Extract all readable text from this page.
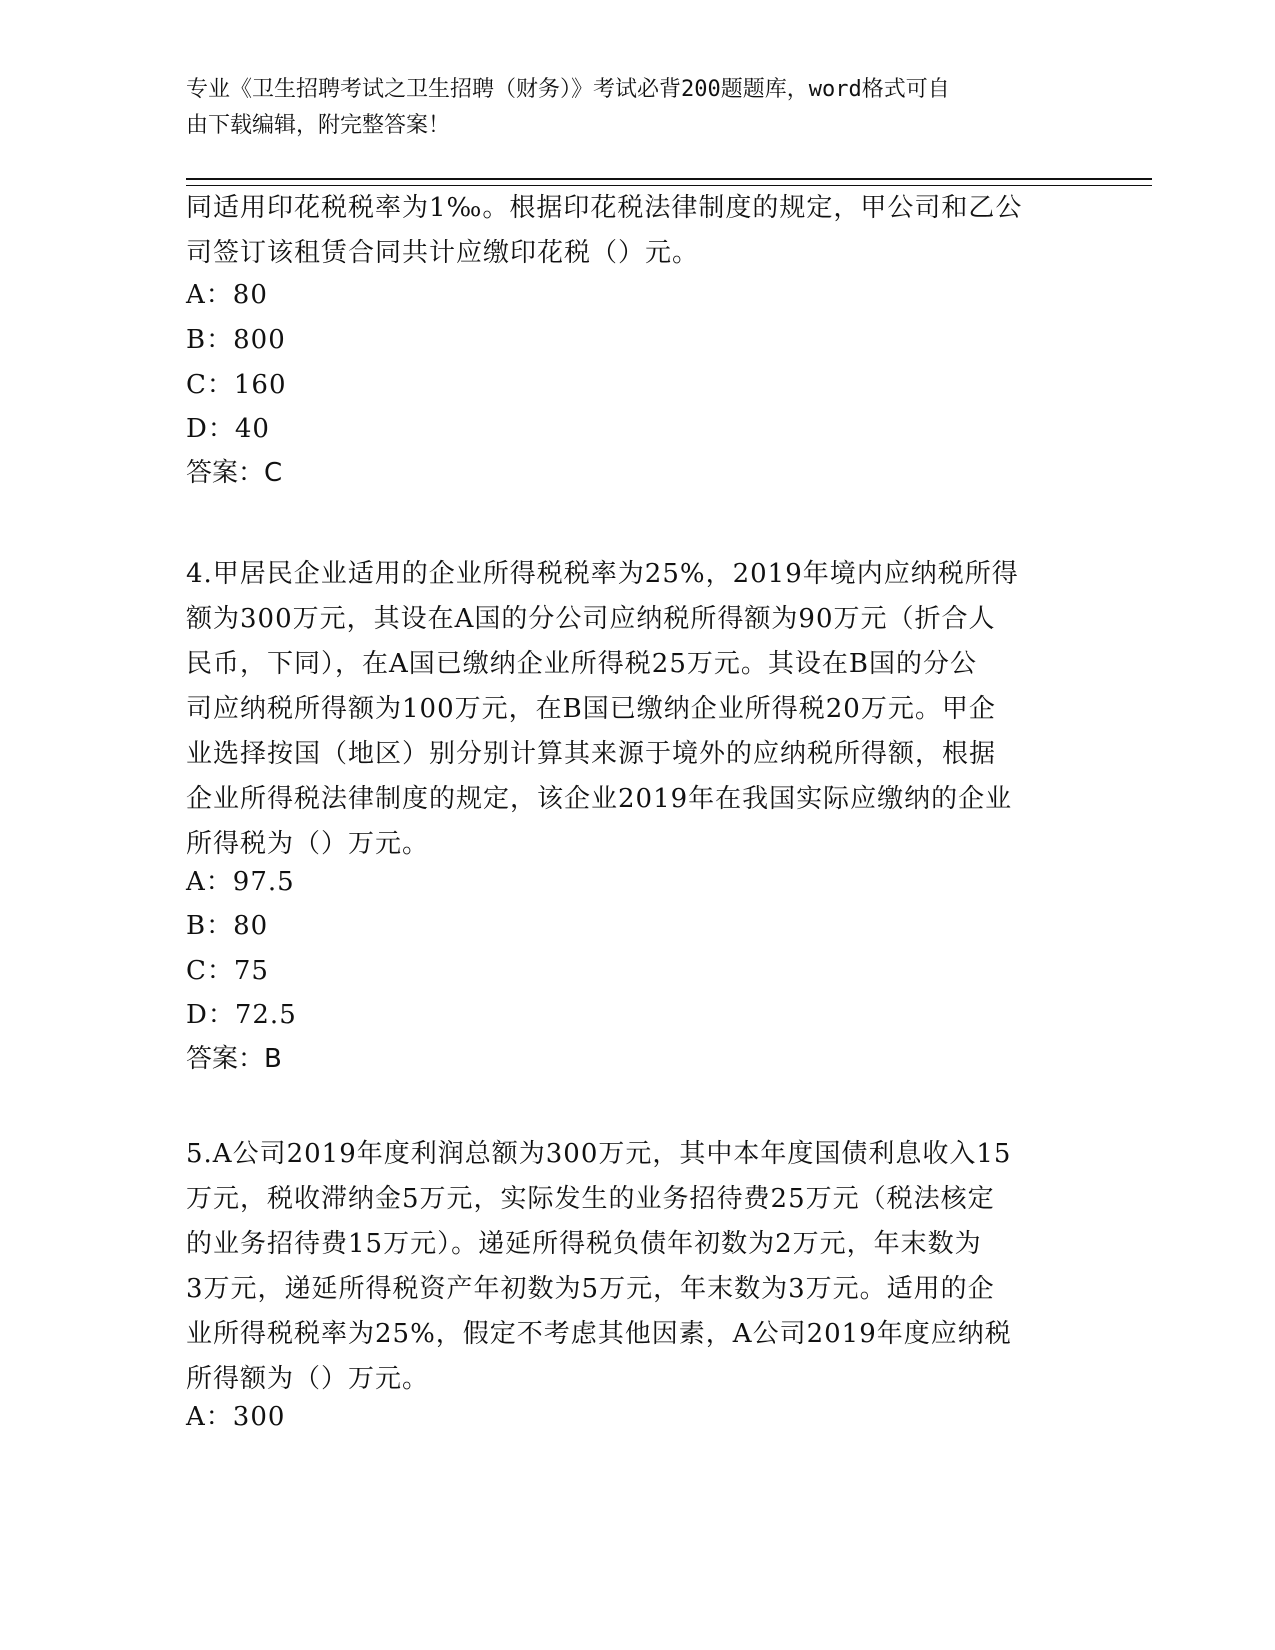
专业《卫生招聘考试之卫生招聘（财务）》考试必背200题题库，word格式可自
由下载编辑，附完整答案！

同适用印花税税率为1‰。根据印花税法律制度的规定，甲公司和乙公

司签订该租赁合同共计应缴印花税（）元。

A：80
B：800
C：160
D：40
答案：C

4.甲居民企业适用的企业所得税税率为25%，2019年境内应纳税所得

额为300万元，其设在A国的分公司应纳税所得额为90万元（折合人

民币，下同），在A国已缴纳企业所得税25万元。其设在B国的分公

司应纳税所得额为100万元，在B国已缴纳企业所得税20万元。甲企

业选择按国（地区）别分别计算其来源于境外的应纳税所得额，根据

企业所得税法律制度的规定，该企业2019年在我国实际应缴纳的企业

所得税为（）万元。

A：97.5
B：80
C：75
D：72.5
答案：B

5.A公司2019年度利润总额为300万元，其中本年度国债利息收入15

万元，税收滞纳金5万元，实际发生的业务招待费25万元（税法核定

的业务招待费15万元）。递延所得税负债年初数为2万元，年末数为

3万元，递延所得税资产年初数为5万元，年末数为3万元。适用的企

业所得税税率为25%，假定不考虑其他因素，A公司2019年度应纳税

所得额为（）万元。

A：300
